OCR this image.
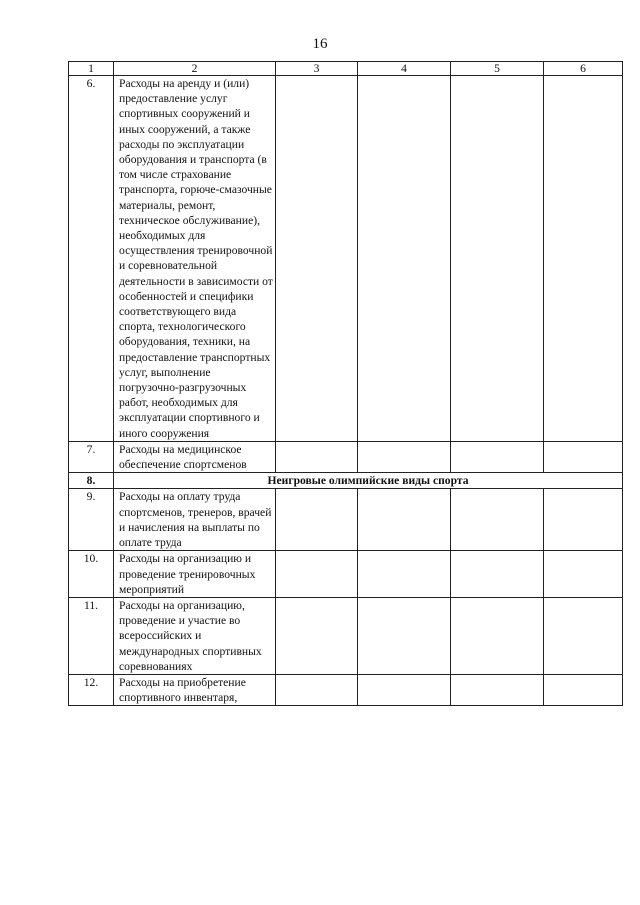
16
1	2	3	4	5	6
6.	Расходы на аренду и (или) предоставление услуг спортивных сооружений и иных сооружений, а также расходы по эксплуатации оборудования и транспорта (в том числе страхование транспорта, горюче-смазочные материалы, ремонт, техническое обслуживание), необходимых для осуществления тренировочной и соревновательной деятельности в зависимости от особенностей и специфики соответствующего вида спорта, технологического оборудования, техники, на предоставление транспортных услуг, выполнение погрузочно-разгрузочных работ, необходимых для эксплуатации спортивного и иного сооружения				
7.	Расходы на медицинское обеспечение спортсменов				
8.	Неигровые олимпийские виды спорта				
9.	Расходы на оплату труда спортсменов, тренеров, врачей и начисления на выплаты по оплате труда				
10.	Расходы на организацию и проведение тренировочных мероприятий				
11.	Расходы на организацию, проведение и участие во всероссийских и международных спортивных соревнованиях				
12.	Расходы на приобретение спортивного инвентаря,				
